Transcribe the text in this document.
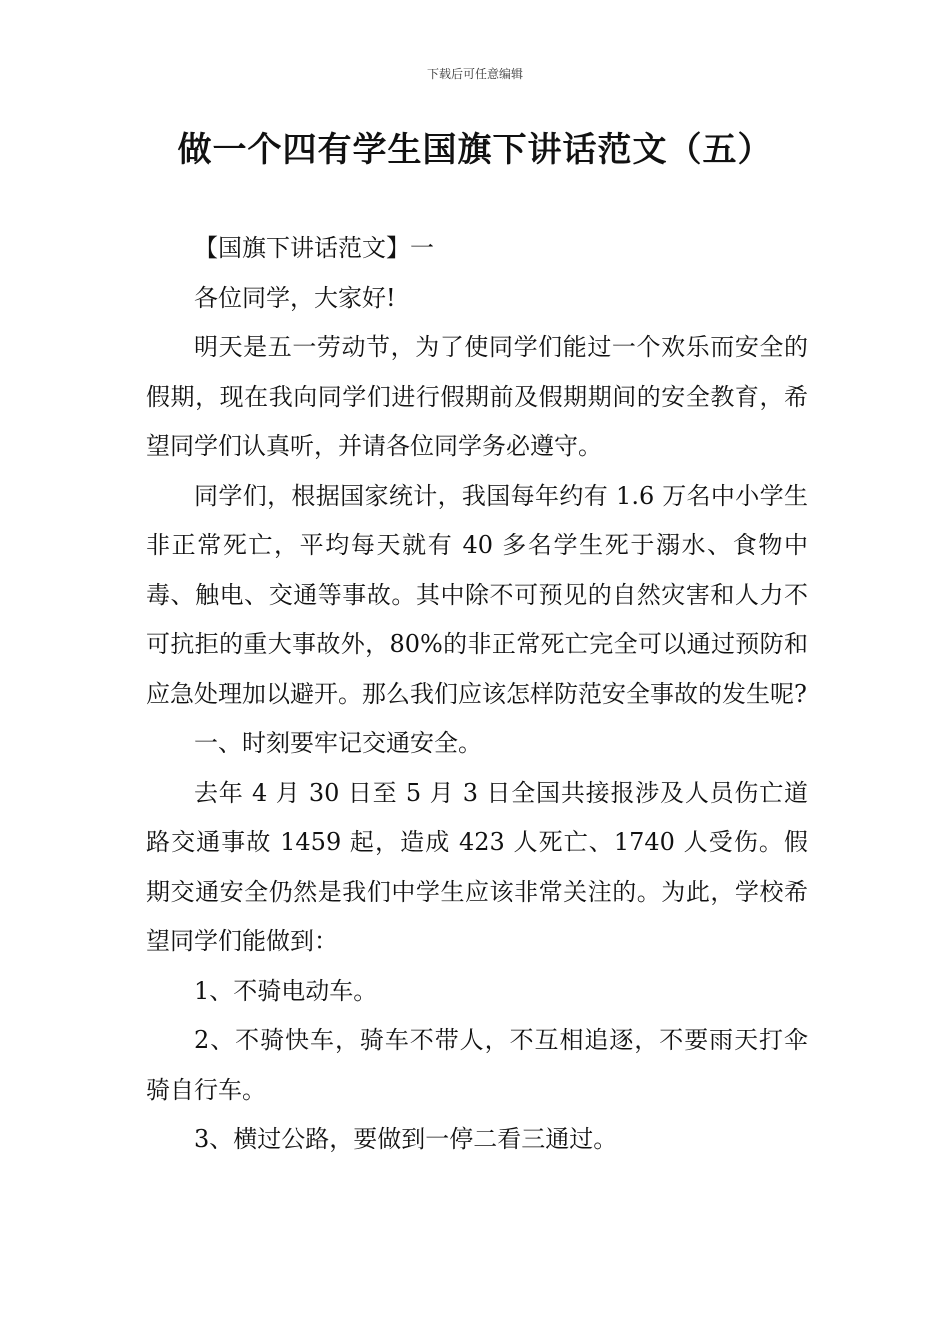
下载后可任意编辑
做一个四有学生国旗下讲话范文（五）

【国旗下讲话范文】一

各位同学，大家好!

明天是五一劳动节，为了使同学们能过一个欢乐而安全的假期，现在我向同学们进行假期前及假期期间的安全教育，希望同学们认真听，并请各位同学务必遵守。

同学们，根据国家统计，我国每年约有 1.6 万名中小学生非正常死亡，平均每天就有 40 多名学生死于溺水、食物中毒、触电、交通等事故。其中除不可预见的自然灾害和人力不可抗拒的重大事故外，80%的非正常死亡完全可以通过预防和应急处理加以避开。那么我们应该怎样防范安全事故的发生呢?

一、时刻要牢记交通安全。

去年 4 月 30 日至 5 月 3 日全国共接报涉及人员伤亡道路交通事故 1459 起，造成 423 人死亡、1740 人受伤。假期交通安全仍然是我们中学生应该非常关注的。为此，学校希望同学们能做到：

1、不骑电动车。

2、不骑快车，骑车不带人，不互相追逐，不要雨天打伞骑自行车。

3、横过公路，要做到一停二看三通过。
